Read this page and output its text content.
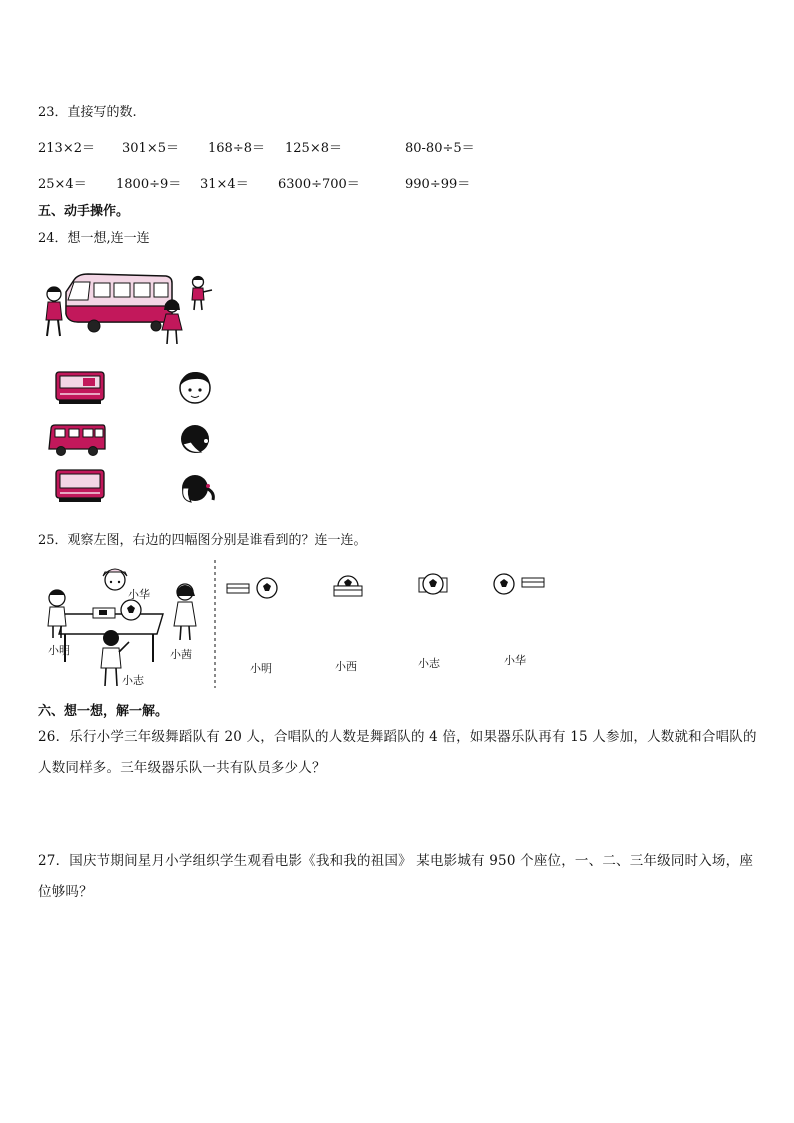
23．直接写的数.
213×2＝ 301×5＝ 168÷8＝ 125×8＝	80-80÷5＝
25×4＝ 1800÷9＝ 31×4＝ 6300÷700＝	990÷99＝
五、动手操作。
24．想一想,连一连
25．观察左图，右边的四幅图分别是谁看到的？连一连。
小华
小明	小茜
小志
小明	小西	小志	小华
六、想一想，解一解。
26．乐行小学三年级舞蹈队有 20 人，合唱队的人数是舞蹈队的 4 倍，如果器乐队再有 15 人参加，人数就和合唱队的人数同样多。三年级器乐队一共有队员多少人？
27．国庆节期间星月小学组织学生观看电影《我和我的祖国》 某电影城有 950 个座位，一、二、三年级同时入场，座位够吗？
